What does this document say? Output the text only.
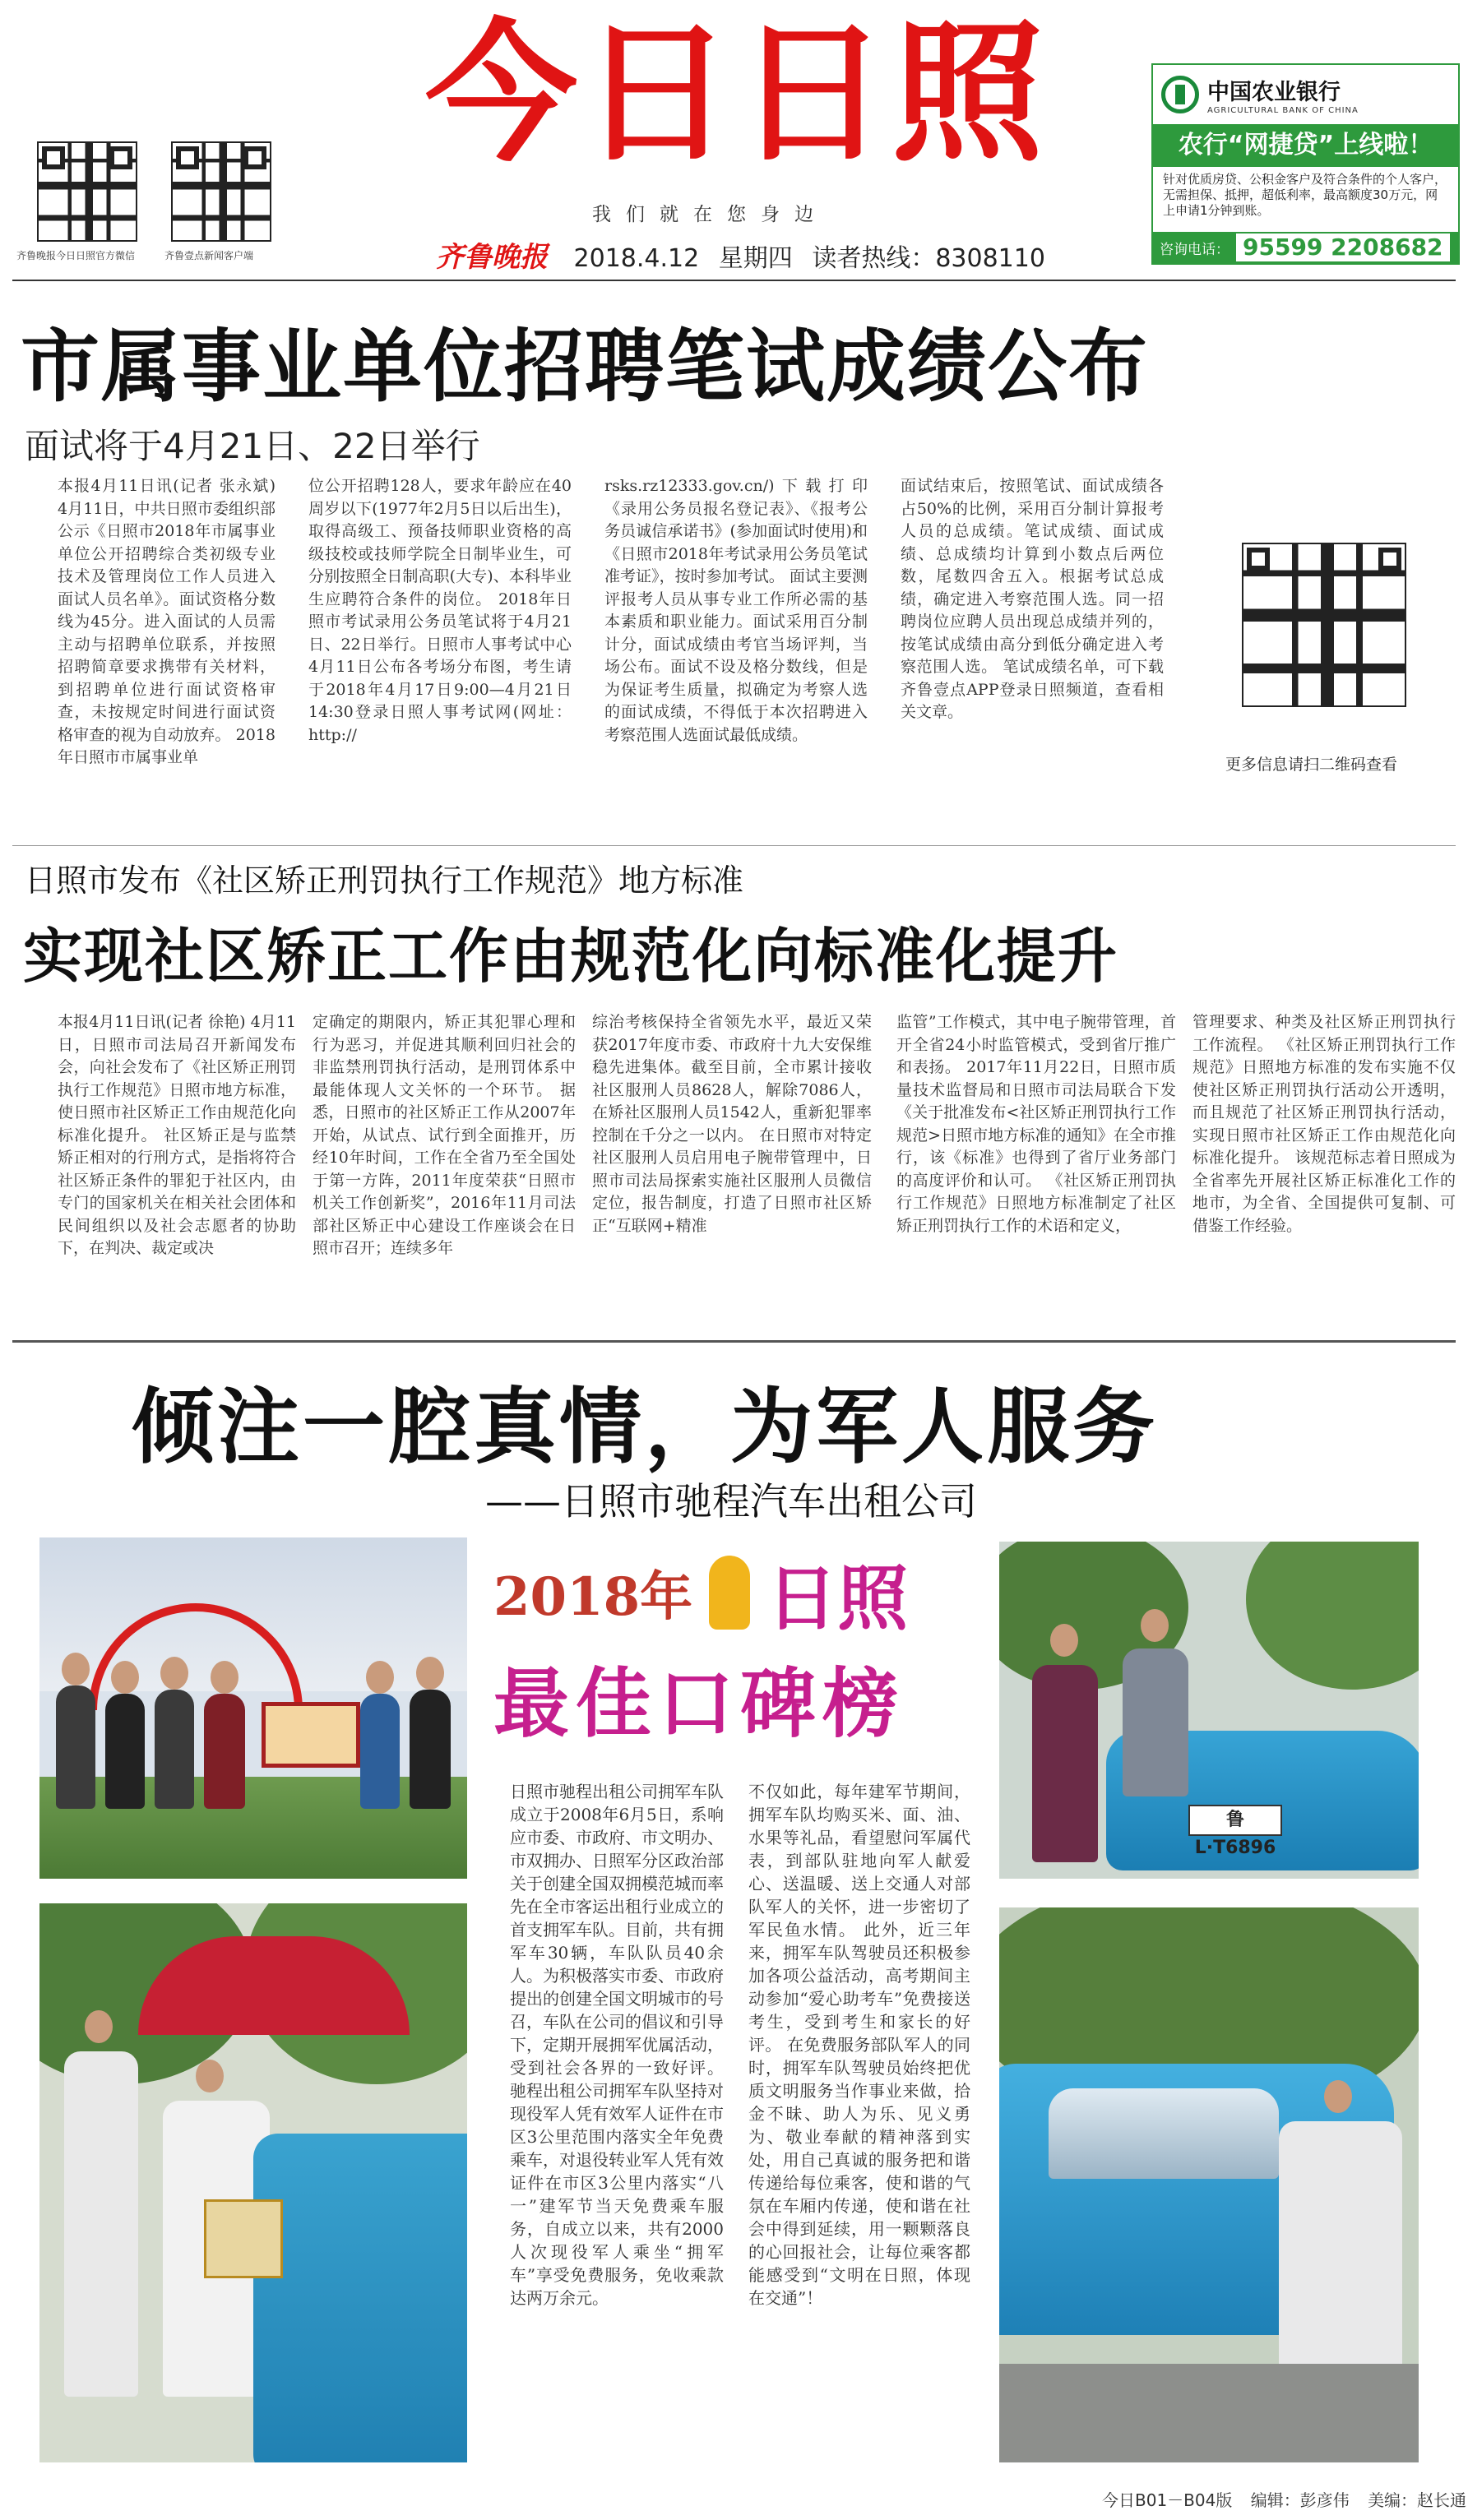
齐鲁晚报今日日照官方微信	齐鲁壹点新闻客户端
今日日照
我们就在您身边
齐鲁晚报 2018.4.12 星期四 读者热线：8308110
中国农业银行
AGRICULTURAL BANK OF CHINA
农行“网捷贷”上线啦！
针对优质房贷、公积金客户及符合条件的个人客户，无需担保、抵押，超低利率，最高额度30万元，网上申请1分钟到账。
咨询电话： 95599 2208682
市属事业单位招聘笔试成绩公布
面试将于4月21日、22日举行
本报4月11日讯(记者 张永斌) 4月11日，中共日照市委组织部公示《日照市2018年市属事业单位公开招聘综合类初级专业技术及管理岗位工作人员进入面试人员名单》。面试资格分数线为45分。进入面试的人员需主动与招聘单位联系，并按照招聘简章要求携带有关材料，到招聘单位进行面试资格审查，未按规定时间进行面试资格审查的视为自动放弃。 2018年日照市市属事业单
位公开招聘128人，要求年龄应在40周岁以下(1977年2月5日以后出生)，取得高级工、预备技师职业资格的高级技校或技师学院全日制毕业生，可分别按照全日制高职(大专)、本科毕业生应聘符合条件的岗位。 2018年日照市考试录用公务员笔试将于4月21日、22日举行。日照市人事考试中心4月11日公布各考场分布图，考生请于2018年4月17日9:00—4月21日14:30登录日照人事考试网(网址：http://
rsks.rz12333.gov.cn/)下载打印《录用公务员报名登记表》、《报考公务员诚信承诺书》(参加面试时使用)和《日照市2018年考试录用公务员笔试准考证》，按时参加考试。 面试主要测评报考人员从事专业工作所必需的基本素质和职业能力。面试采用百分制计分，面试成绩由考官当场评判，当场公布。面试不设及格分数线，但是为保证考生质量，拟确定为考察人选的面试成绩，不得低于本次招聘进入考察范围人选面试最低成绩。
面试结束后，按照笔试、面试成绩各占50%的比例，采用百分制计算报考人员的总成绩。笔试成绩、面试成绩、总成绩均计算到小数点后两位数，尾数四舍五入。根据考试总成绩，确定进入考察范围人选。同一招聘岗位应聘人员出现总成绩并列的，按笔试成绩由高分到低分确定进入考察范围人选。 笔试成绩名单，可下载齐鲁壹点APP登录日照频道，查看相关文章。
更多信息请扫二维码查看
日照市发布《社区矫正刑罚执行工作规范》地方标准
实现社区矫正工作由规范化向标准化提升
本报4月11日讯(记者 徐艳) 4月11日，日照市司法局召开新闻发布会，向社会发布了《社区矫正刑罚执行工作规范》日照市地方标准，使日照市社区矫正工作由规范化向标准化提升。 社区矫正是与监禁矫正相对的行刑方式，是指将符合社区矫正条件的罪犯于社区内，由专门的国家机关在相关社会团体和民间组织以及社会志愿者的协助下，在判决、裁定或决
定确定的期限内，矫正其犯罪心理和行为恶习，并促进其顺利回归社会的非监禁刑罚执行活动，是刑罚体系中最能体现人文关怀的一个环节。 据悉，日照市的社区矫正工作从2007年开始，从试点、试行到全面推开，历经10年时间，工作在全省乃至全国处于第一方阵，2011年度荣获“日照市机关工作创新奖”，2016年11月司法部社区矫正中心建设工作座谈会在日照市召开；连续多年
综治考核保持全省领先水平，最近又荣获2017年度市委、市政府十九大安保维稳先进集体。截至目前，全市累计接收社区服刑人员8628人，解除7086人，在矫社区服刑人员1542人，重新犯罪率控制在千分之一以内。 在日照市对特定社区服刑人员启用电子腕带管理中，日照市司法局探索实施社区服刑人员微信定位，报告制度，打造了日照市社区矫正“互联网+精准
监管”工作模式，其中电子腕带管理，首开全省24小时监管模式，受到省厅推广和表扬。 2017年11月22日，日照市质量技术监督局和日照市司法局联合下发《关于批准发布<社区矫正刑罚执行工作规范>日照市地方标准的通知》在全市推行，该《标准》也得到了省厅业务部门的高度评价和认可。 《社区矫正刑罚执行工作规范》日照地方标准制定了社区矫正刑罚执行工作的术语和定义，
管理要求、种类及社区矫正刑罚执行工作流程。 《社区矫正刑罚执行工作规范》日照地方标准的发布实施不仅使社区矫正刑罚执行活动公开透明，而且规范了社区矫正刑罚执行活动，实现日照市社区矫正工作由规范化向标准化提升。 该规范标志着日照成为全省率先开展社区矫正标准化工作的地市，为全省、全国提供可复制、可借鉴工作经验。
倾注一腔真情，为军人服务
——日照市驰程汽车出租公司
2018年 日照
最佳口碑榜
鲁L·T6896
日照市驰程出租公司拥军车队成立于2008年6月5日，系响应市委、市政府、市文明办、市双拥办、日照军分区政治部关于创建全国双拥模范城而率先在全市客运出租行业成立的首支拥军车队。目前，共有拥军车30辆，车队队员40余人。为积极落实市委、市政府提出的创建全国文明城市的号召，车队在公司的倡议和引导下，定期开展拥军优属活动，受到社会各界的一致好评。 驰程出租公司拥军车队坚持对现役军人凭有效军人证件在市区3公里范围内落实全年免费乘车，对退役转业军人凭有效证件在市区3公里内落实“八一”建军节当天免费乘车服务，自成立以来，共有2000人次现役军人乘坐“拥军车”享受免费服务，免收乘款达两万余元。
不仅如此，每年建军节期间，拥军车队均购买米、面、油、水果等礼品，看望慰问军属代表，到部队驻地向军人献爱心、送温暖、送上交通人对部队军人的关怀，进一步密切了军民鱼水情。 此外，近三年来，拥军车队驾驶员还积极参加各项公益活动，高考期间主动参加“爱心助考车”免费接送考生，受到考生和家长的好评。 在免费服务部队军人的同时，拥军车队驾驶员始终把优质文明服务当作事业来做，拾金不昧、助人为乐、见义勇为、敬业奉献的精神落到实处，用自己真诚的服务把和谐传递给每位乘客，使和谐的气氛在车厢内传递，使和谐在社会中得到延续，用一颗颗落良的心回报社会，让每位乘客都能感受到“文明在日照，体现在交通”！
今日B01－B04版 编辑：彭彦伟 美编：赵长通
